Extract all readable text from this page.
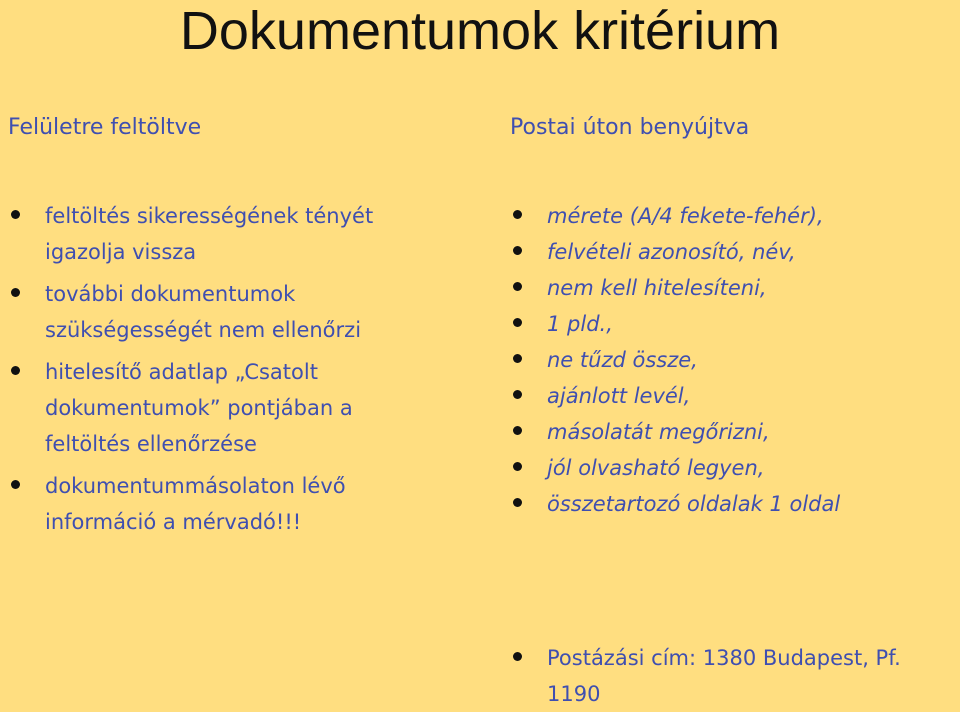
Dokumentumok kritérium
Felületre feltöltve	Postai úton benyújtva
feltöltés sikerességének tényét igazolja vissza
további dokumentumok szükségességét nem ellenőrzi
hitelesítő adatlap „Csatolt dokumentumok” pontjában a feltöltés ellenőrzése
dokumentummásolaton lévő információ a mérvadó!!!
mérete (A/4 fekete-fehér),
felvételi azonosító, név,
nem kell hitelesíteni,
1 pld.,
ne tűzd össze,
ajánlott levél,
másolatát megőrizni,
jól olvasható legyen,
összetartozó oldalak 1 oldal
Postázási cím: 1380 Budapest, Pf. 1190
